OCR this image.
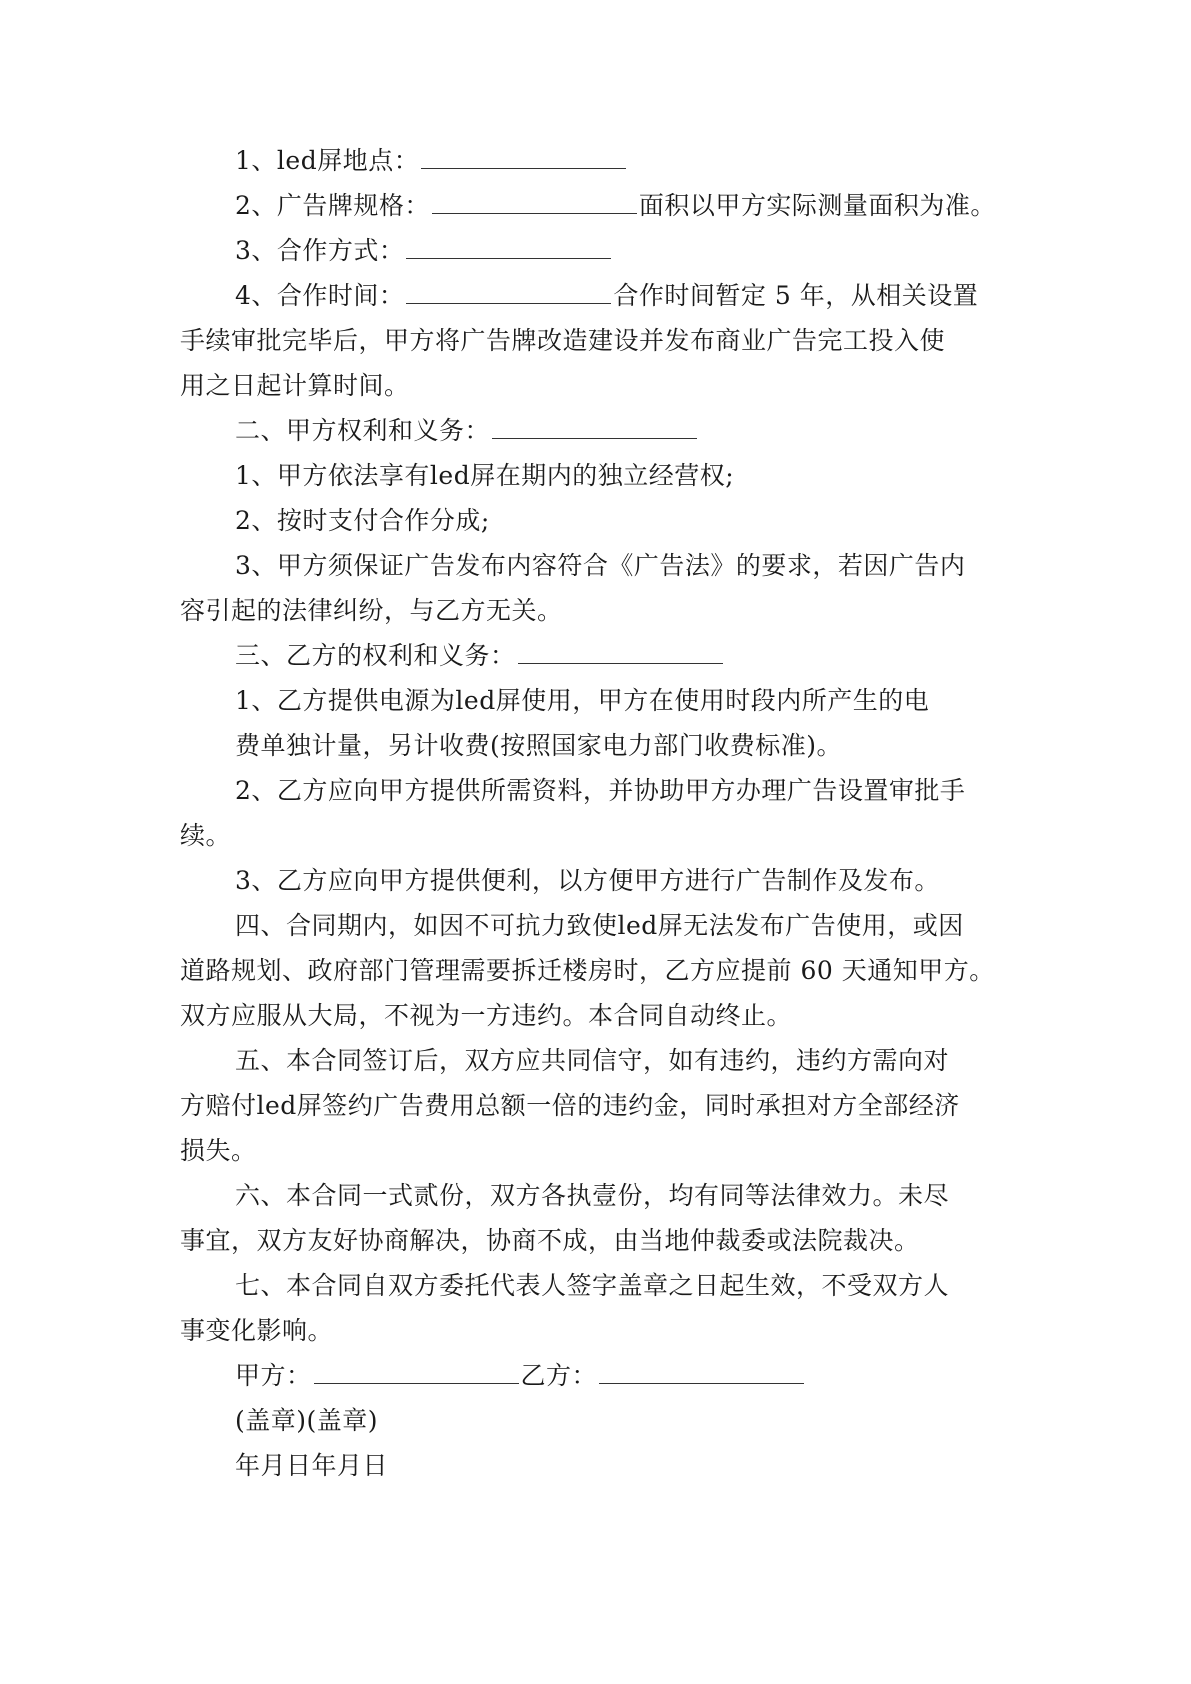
1、led屏地点：
2、广告牌规格：	面积以甲方实际测量面积为准。
3、合作方式：
4、合作时间：	合作时间暂定 5 年，从相关设置
手续审批完毕后，甲方将广告牌改造建设并发布商业广告完工投入使
用之日起计算时间。
二、甲方权利和义务：
1、甲方依法享有led屏在期内的独立经营权;
2、按时支付合作分成;
3、甲方须保证广告发布内容符合《广告法》的要求，若因广告内
容引起的法律纠纷，与乙方无关。
三、乙方的权利和义务：
1、乙方提供电源为led屏使用，甲方在使用时段内所产生的电
费单独计量，另计收费(按照国家电力部门收费标准)。
2、乙方应向甲方提供所需资料，并协助甲方办理广告设置审批手
续。
3、乙方应向甲方提供便利，以方便甲方进行广告制作及发布。
四、合同期内，如因不可抗力致使led屏无法发布广告使用，或因
道路规划、政府部门管理需要拆迁楼房时，乙方应提前 60 天通知甲方。
双方应服从大局，不视为一方违约。本合同自动终止。
五、本合同签订后，双方应共同信守，如有违约，违约方需向对
方赔付led屏签约广告费用总额一倍的违约金，同时承担对方全部经济
损失。
六、本合同一式贰份，双方各执壹份，均有同等法律效力。未尽
事宜，双方友好协商解决，协商不成，由当地仲裁委或法院裁决。
七、本合同自双方委托代表人签字盖章之日起生效，不受双方人
事变化影响。
甲方：	乙方：
(盖章)(盖章)
年月日年月日
